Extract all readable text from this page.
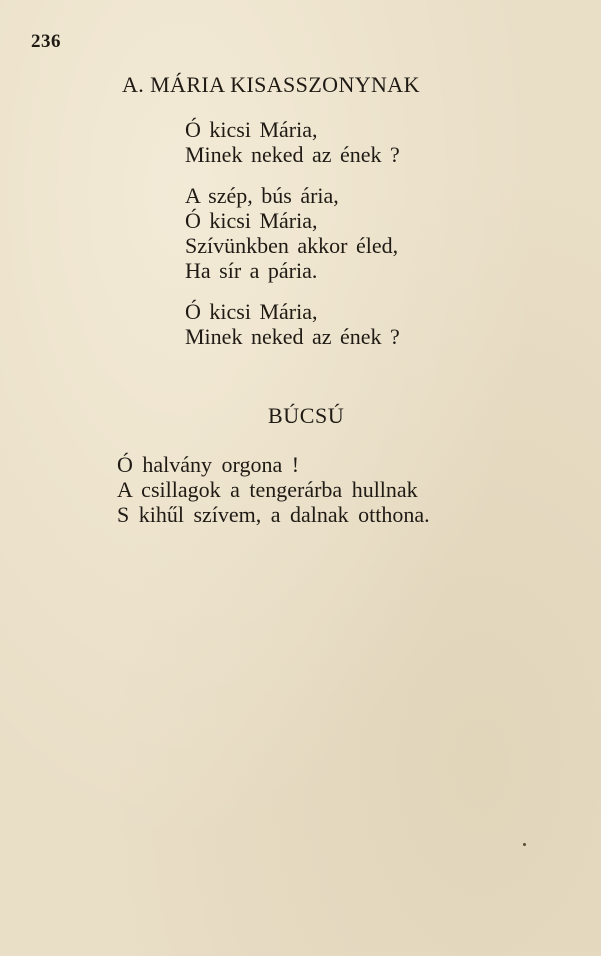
236
A. MÁRIA KISASSZONYNAK
Ó kicsi Mária,
Minek neked az ének ?
A szép, bús ária,
Ó kicsi Mária,
Szívünkben akkor éled,
Ha sír a pária.
Ó kicsi Mária,
Minek neked az ének ?
BÚCSÚ
Ó halvány orgona !
A csillagok a tengerárba hullnak
S kihűl szívem, a dalnak otthona.
